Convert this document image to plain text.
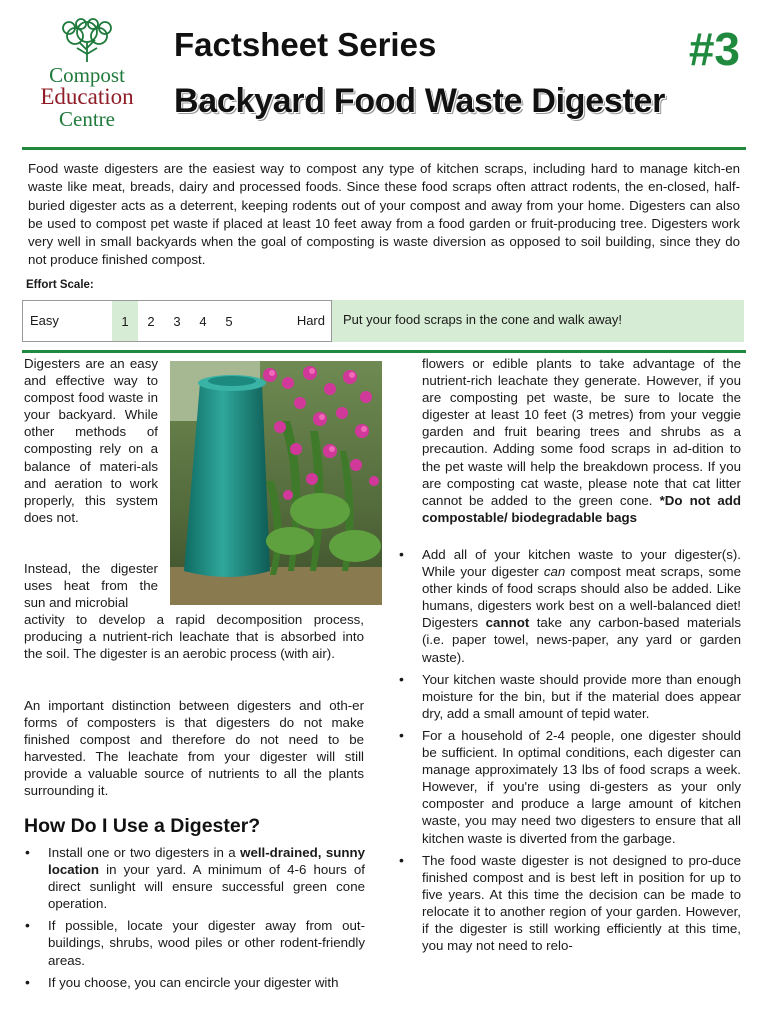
Compost
Education
Centre
Factsheet Series	#3
Backyard Food Waste Digester

Food waste digesters are the easiest way to compost any type of kitchen scraps, including hard to manage kitch-en waste like meat, breads, dairy and processed foods. Since these food scraps often attract rodents, the en-closed, half-buried digester acts as a deterrent, keeping rodents out of your compost and away from your home. Digesters can also be used to compost pet waste if placed at least 10 feet away from a food garden or fruit-producing tree. Digesters work very well in small backyards when the goal of composting is waste diversion as opposed to soil building, since they do not produce finished compost.

Effort Scale:
Easy	1	2	3	4	5	Hard	Put your food scraps in the cone and walk away!

Digesters are an easy and effective way to compost food waste in your backyard. While other methods of composting rely on a balance of materi-als and aeration to work properly, this system does not.

Instead, the digester uses heat from the sun and microbial

activity to develop a rapid decomposition process, producing a nutrient-rich leachate that is absorbed into the soil. The digester is an aerobic process (with air).

An important distinction between digesters and oth-er forms of composters is that digesters do not make finished compost and therefore do not need to be harvested. The leachate from your digester will still provide a valuable source of nutrients to all the plants surrounding it.

How Do I Use a Digester?
• Install one or two digesters in a well-drained, sunny location in your yard. A minimum of 4-6 hours of direct sunlight will ensure successful green cone operation.
• If possible, locate your digester away from out-buildings, shrubs, wood piles or other rodent-friendly areas.
• If you choose, you can encircle your digester with
flowers or edible plants to take advantage of the nutrient-rich leachate they generate. However, if you are composting pet waste, be sure to locate the digester at least 10 feet (3 metres) from your veggie garden and fruit bearing trees and shrubs as a precaution. Adding some food scraps in ad-dition to the pet waste will help the breakdown process. If you are composting cat waste, please note that cat litter cannot be added to the green cone. *Do not add compostable/ biodegradable bags
• Add all of your kitchen waste to your digester(s). While your digester can compost meat scraps, some other kinds of food scraps should also be added. Like humans, digesters work best on a well-balanced diet! Digesters cannot take any carbon-based materials (i.e. paper towel, news-paper, any yard or garden waste).
• Your kitchen waste should provide more than enough moisture for the bin, but if the material does appear dry, add a small amount of tepid water.
• For a household of 2-4 people, one digester should be sufficient. In optimal conditions, each digester can manage approximately 13 lbs of food scraps a week. However, if you're using di-gesters as your only composter and produce a large amount of kitchen waste, you may need two digesters to ensure that all kitchen waste is diverted from the garbage.
• The food waste digester is not designed to pro-duce finished compost and is best left in position for up to five years. At this time the decision can be made to relocate it to another region of your garden. However, if the digester is still working efficiently at this time, you may not need to relo-
